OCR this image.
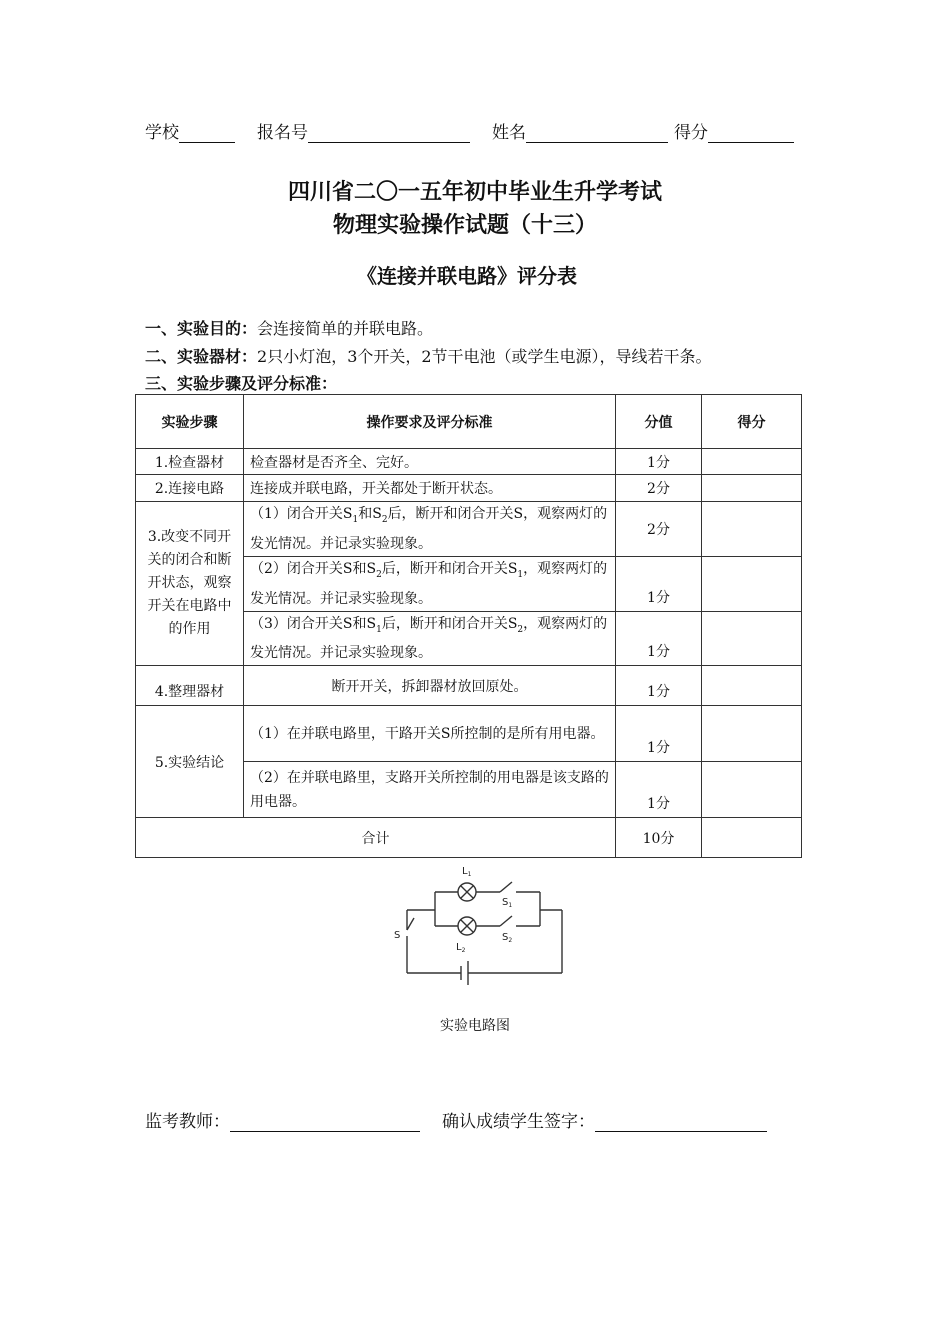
学校	报名号	姓名	得分
四川省二〇一五年初中毕业生升学考试
物理实验操作试题（十三）
《连接并联电路》评分表
一、实验目的：会连接简单的并联电路。
二、实验器材：2只小灯泡，3个开关，2节干电池（或学生电源），导线若干条。
三、实验步骤及评分标准：
实验步骤	操作要求及评分标准	分值	得分
1.检查器材	检查器材是否齐全、完好。	1分	
2.连接电路	连接成并联电路，开关都处于断开状态。	2分	
3.改变不同开关的闭合和断开状态，观察开关在电路中的作用	（1）闭合开关$S_1$和$S_2$后，断开和闭合开关S，观察两灯的发光情况。并记录实验现象。	2分	
	（2）闭合开关S和$S_2$后，断开和闭合开关$S_1$，观察两灯的发光情况。并记录实验现象。	1分	
	（3）闭合开关S和$S_1$后，断开和闭合开关$S_2$，观察两灯的发光情况。并记录实验现象。	1分	
4.整理器材	断开开关，拆卸器材放回原处。	1分	
5.实验结论	（1）在并联电路里，干路开关S所控制的是所有用电器。	1分	
	（2）在并联电路里，支路开关所控制的用电器是该支路的用电器。	1分	
合计		10分	
$L_1$
$S_1$
$L_2$
$S_2$
S
实验电路图
监考教师：	确认成绩学生签字：
